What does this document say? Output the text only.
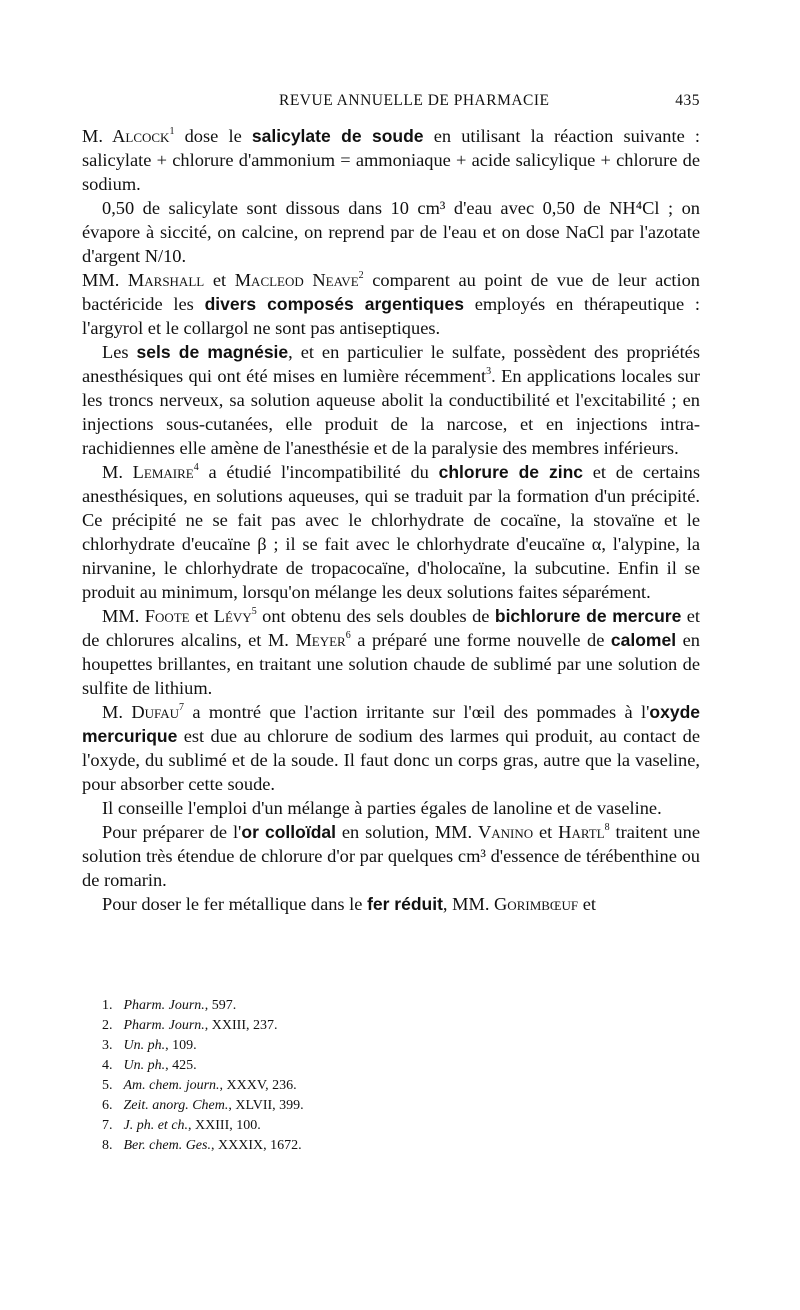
REVUE ANNUELLE DE PHARMACIE	435

M. Alcock$^1$ dose le salicylate de soude en utilisant la réaction suivante : salicylate + chlorure d'ammonium = ammoniaque + acide salicylique + chlorure de sodium.

0,50 de salicylate sont dissous dans 10 cm³ d'eau avec 0,50 de NH⁴Cl ; on évapore à siccité, on calcine, on reprend par de l'eau et on dose NaCl par l'azotate d'argent N/10.

MM. Marshall et Macleod Neave$^2$ comparent au point de vue de leur action bactéricide les divers composés argentiques employés en thérapeutique : l'argyrol et le collargol ne sont pas antiseptiques.

Les sels de magnésie, et en particulier le sulfate, possèdent des propriétés anesthésiques qui ont été mises en lumière récemment$^3$. En applications locales sur les troncs nerveux, sa solution aqueuse abolit la conductibilité et l'excitabilité ; en injections sous-cutanées, elle produit de la narcose, et en injections intra-rachidiennes elle amène de l'anesthésie et de la paralysie des membres inférieurs.

M. Lemaire$^4$ a étudié l'incompatibilité du chlorure de zinc et de certains anesthésiques, en solutions aqueuses, qui se traduit par la formation d'un précipité. Ce précipité ne se fait pas avec le chlorhydrate de cocaïne, la stovaïne et le chlorhydrate d'eucaïne β ; il se fait avec le chlorhydrate d'eucaïne α, l'alypine, la nirvanine, le chlorhydrate de tropacocaïne, d'holocaïne, la subcutine. Enfin il se produit au minimum, lorsqu'on mélange les deux solutions faites séparément.

MM. Foote et Lévy$^5$ ont obtenu des sels doubles de bichlorure de mercure et de chlorures alcalins, et M. Meyer$^6$ a préparé une forme nouvelle de calomel en houpettes brillantes, en traitant une solution chaude de sublimé par une solution de sulfite de lithium.

M. Dufau$^7$ a montré que l'action irritante sur l'œil des pommades à l'oxyde mercurique est due au chlorure de sodium des larmes qui produit, au contact de l'oxyde, du sublimé et de la soude. Il faut donc un corps gras, autre que la vaseline, pour absorber cette soude.

Il conseille l'emploi d'un mélange à parties égales de lanoline et de vaseline.

Pour préparer de l'or colloïdal en solution, MM. Vanino et Hartl$^8$ traitent une solution très étendue de chlorure d'or par quelques cm³ d'essence de térébenthine ou de romarin.

Pour doser le fer métallique dans le fer réduit, MM. Gorimbœuf et

1. Pharm. Journ., 597.

2. Pharm. Journ., XXIII, 237.

3. Un. ph., 109.

4. Un. ph., 425.

5. Am. chem. journ., XXXV, 236.

6. Zeit. anorg. Chem., XLVII, 399.

7. J. ph. et ch., XXIII, 100.

8. Ber. chem. Ges., XXXIX, 1672.
